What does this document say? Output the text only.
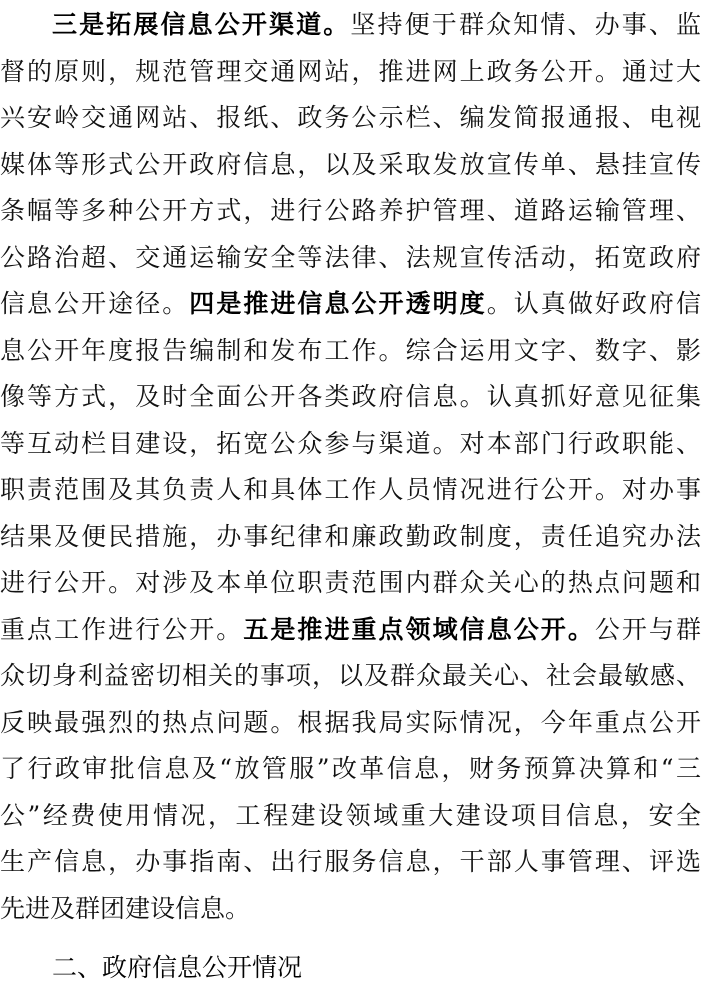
三是拓展信息公开渠道。坚持便于群众知情、办事、监
督的原则，规范管理交通网站，推进网上政务公开。通过大
兴安岭交通网站、报纸、政务公示栏、编发简报通报、电视
媒体等形式公开政府信息，以及采取发放宣传单、悬挂宣传
条幅等多种公开方式，进行公路养护管理、道路运输管理、
公路治超、交通运输安全等法律、法规宣传活动，拓宽政府
信息公开途径。四是推进信息公开透明度。认真做好政府信
息公开年度报告编制和发布工作。综合运用文字、数字、影
像等方式，及时全面公开各类政府信息。认真抓好意见征集
等互动栏目建设，拓宽公众参与渠道。对本部门行政职能、
职责范围及其负责人和具体工作人员情况进行公开。对办事
结果及便民措施，办事纪律和廉政勤政制度，责任追究办法
进行公开。对涉及本单位职责范围内群众关心的热点问题和
重点工作进行公开。五是推进重点领域信息公开。公开与群
众切身利益密切相关的事项，以及群众最关心、社会最敏感、
反映最强烈的热点问题。根据我局实际情况，今年重点公开
了行政审批信息及“放管服”改革信息，财务预算决算和“三
公”经费使用情况，工程建设领域重大建设项目信息，安全
生产信息，办事指南、出行服务信息，干部人事管理、评选
先进及群团建设信息。
二、政府信息公开情况
